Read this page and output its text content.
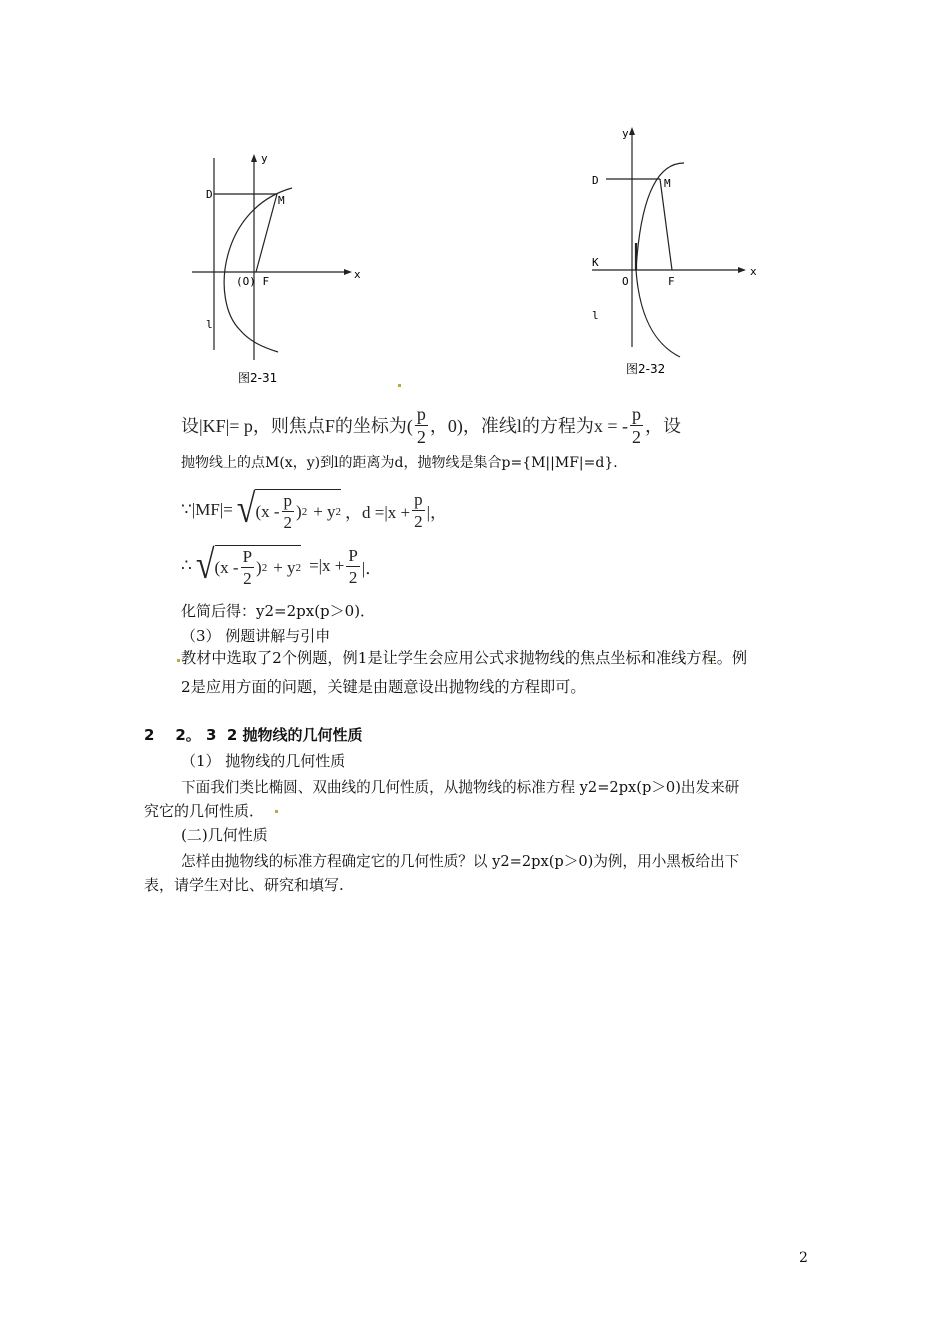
y
x
D	M
(O) F
l
图2-31
y
x
D	M
K
O	F
l
图2-32
设|KF|= p，则焦点F的坐标为( $\frac{p}{2}$ ，0)，准线l的方程为x = - $\frac{p}{2}$ ，设
抛物线上的点M(x，y)到l的距离为d，抛物线是集合p={M||MF|=d}．
∵|MF|= √ ($x - \frac{p}{2}$ ) 2 + y 2 ，$d =|x + \frac{p}{2}$ |，
∴ √ ($x - \frac{P}{2}$ ) 2 + y $2 =|x + \frac{P}{2}$ |．
化简后得：y2=2px(p＞0)．
（3） 例题讲解与引申
教材中选取了2个例题，例1是让学生会应用公式求抛物线的焦点坐标和准线方程。例
2是应用方面的问题，关键是由题意设出抛物线的方程即可。
2    2。 3  2 抛物线的几何性质
（1） 抛物线的几何性质
下面我们类比椭圆、双曲线的几何性质，从抛物线的标准方程 y2=2px(p＞0)出发来研
究它的几何性质．
(二)几何性质
怎样由抛物线的标准方程确定它的几何性质？以 y2=2px(p＞0)为例，用小黑板给出下
表，请学生对比、研究和填写.
2
